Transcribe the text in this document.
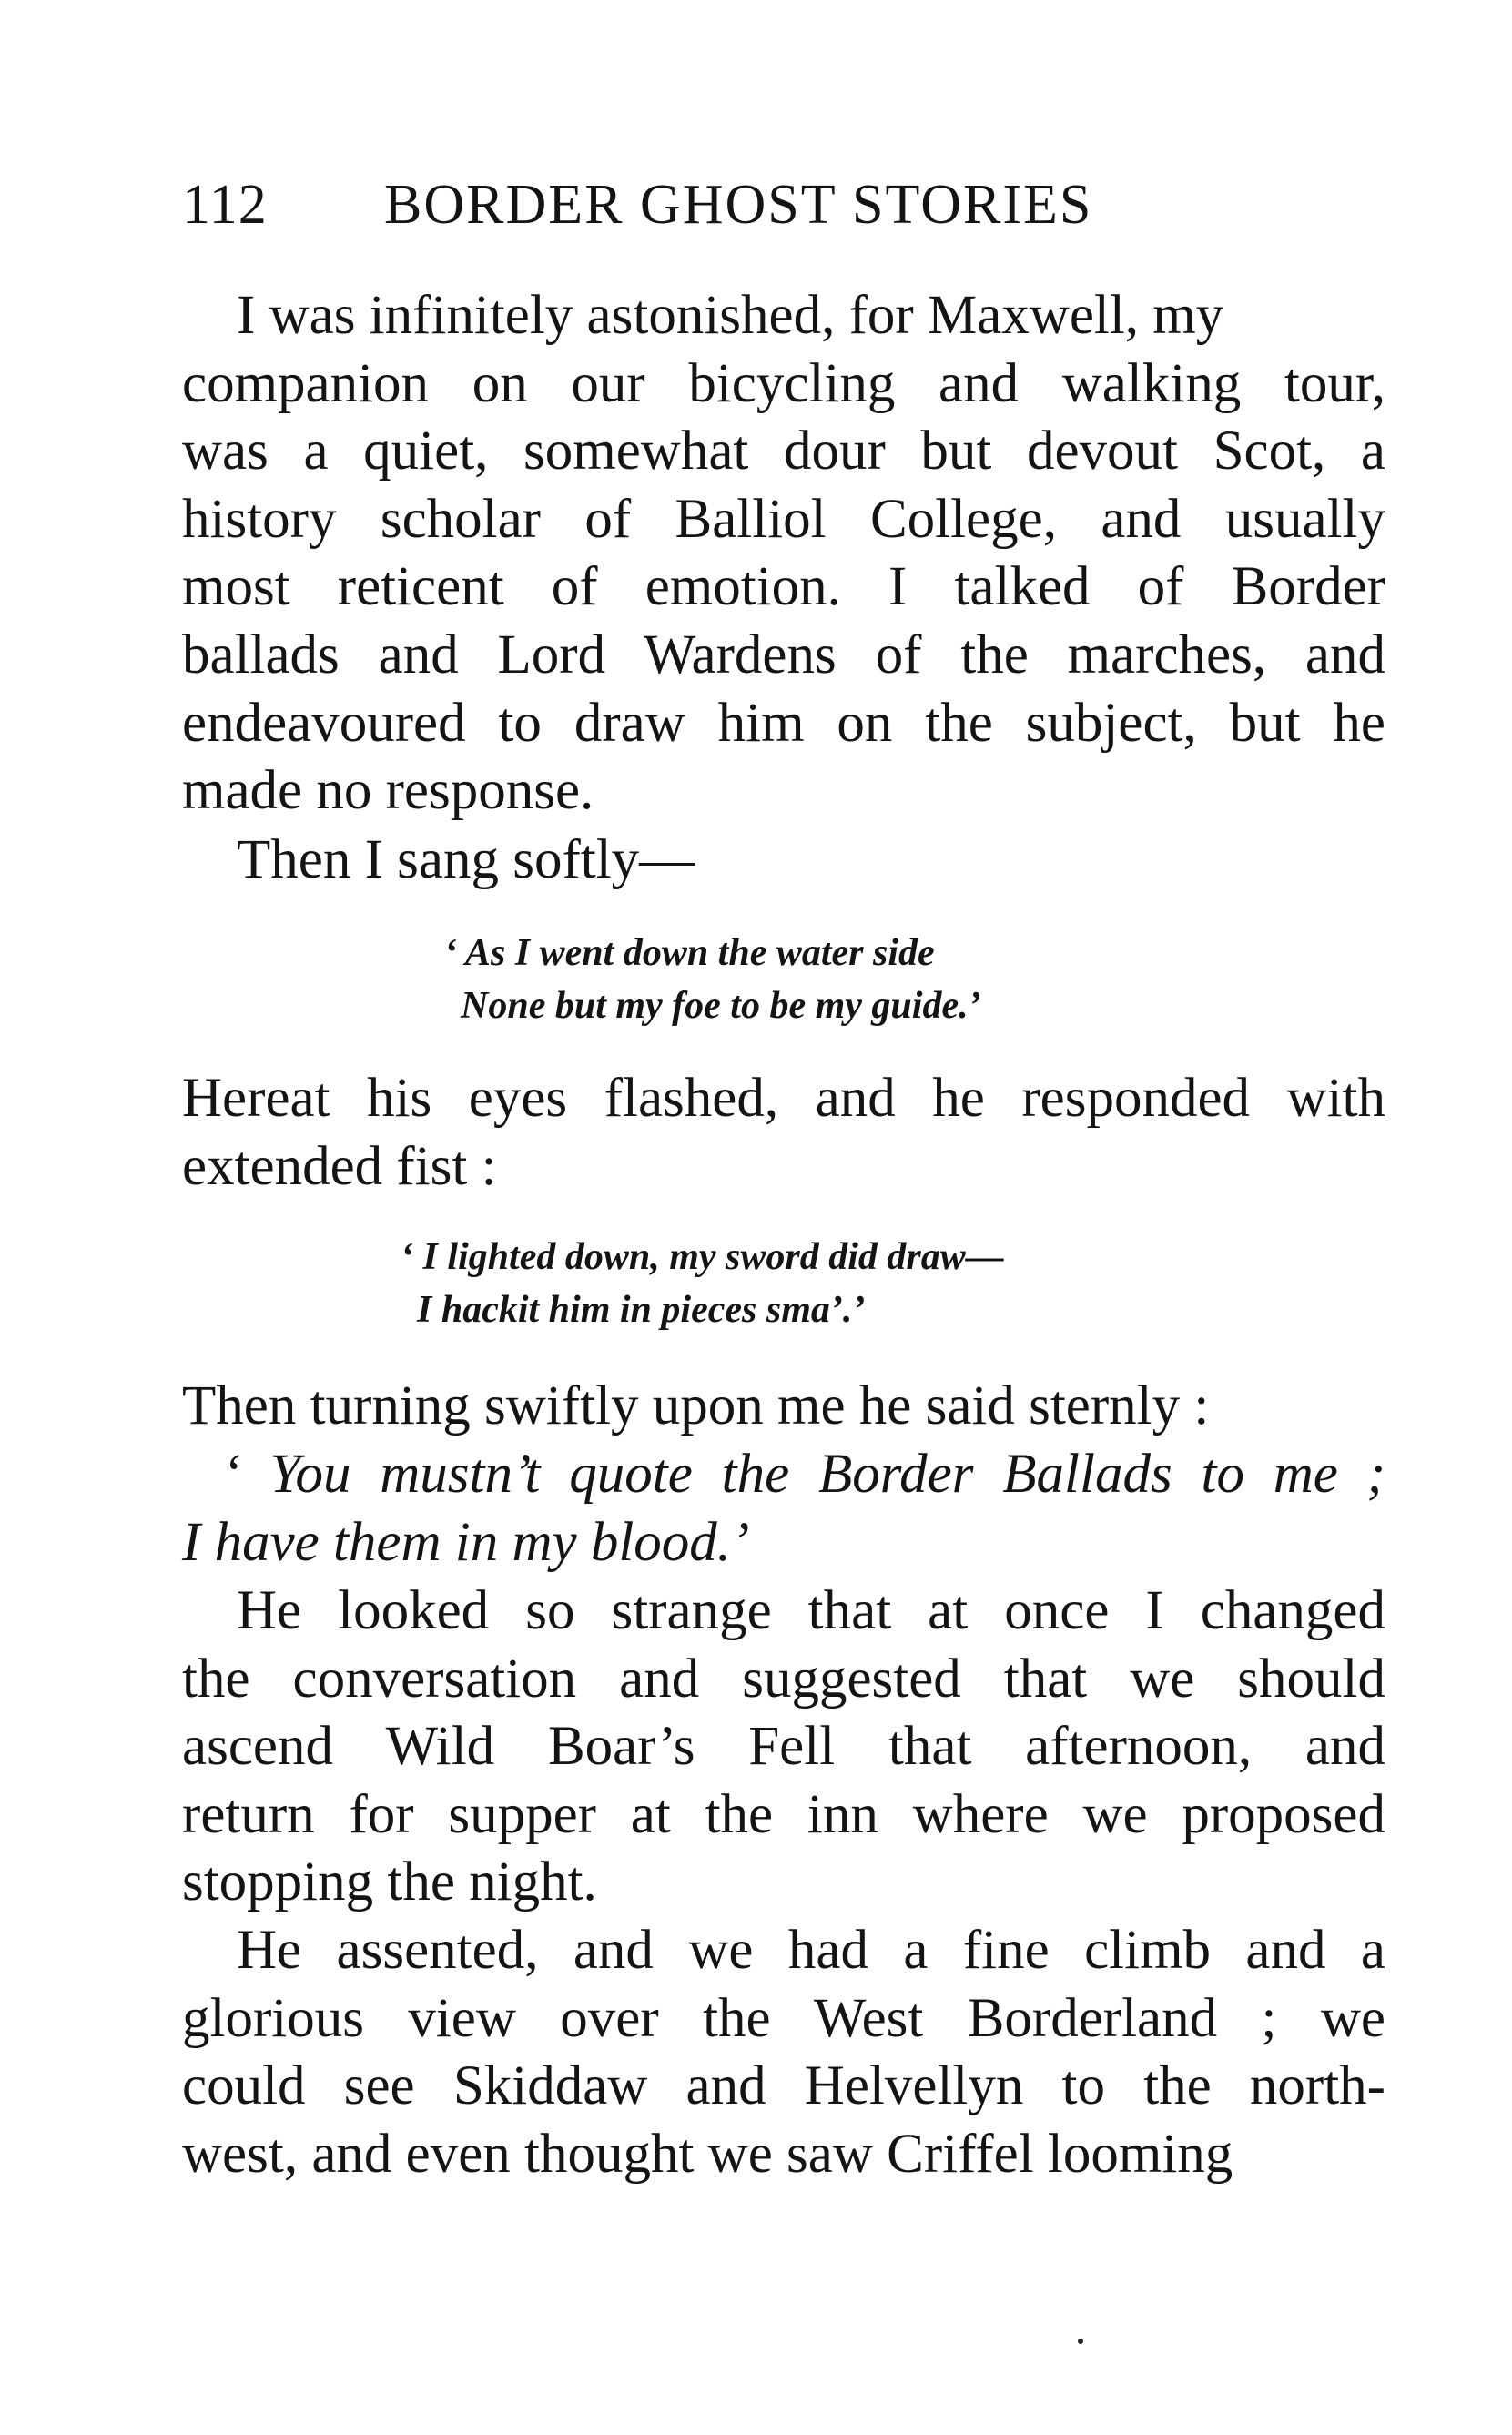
112 BORDER GHOST STORIES

I was infinitely astonished, for Maxwell, my

companion on our bicycling and walking tour,
was a quiet, somewhat dour but devout Scot, a
history scholar of Balliol College, and usually
most reticent of emotion. I talked of Border
ballads and Lord Wardens of the marches, and
endeavoured to draw him on the subject, but he
made no response.
Then I sang softly—
‘ As I went down the water side
None but my foe to be my guide.’
Hereat his eyes flashed, and he responded with
extended fist :
‘ I lighted down, my sword did draw—
I hackit him in pieces sma’.’
Then turning swiftly upon me he said sternly :
‘ You mustn’t quote the Border Ballads to me ;
I have them in my blood.’
He looked so strange that at once I changed
the conversation and suggested that we should
ascend Wild Boar’s Fell that afternoon, and
return for supper at the inn where we proposed
stopping the night.
He assented, and we had a fine climb and a
glorious view over the West Borderland ; we
could see Skiddaw and Helvellyn to the north-
west, and even thought we saw Criffel looming
